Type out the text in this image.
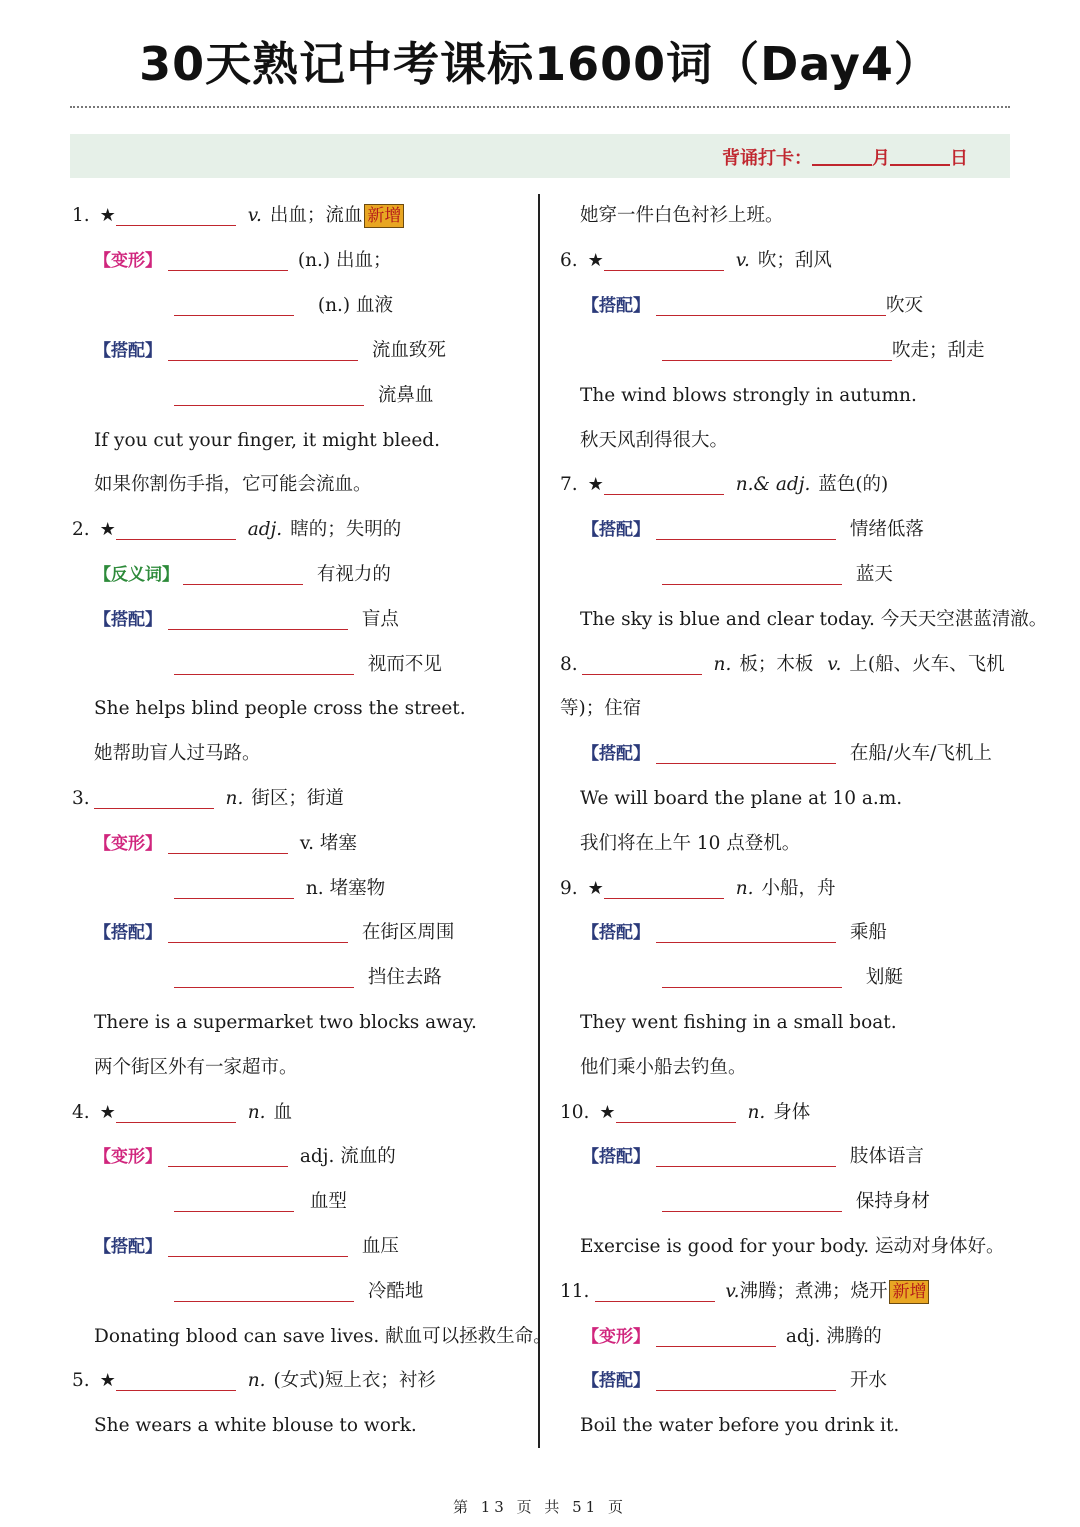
30天熟记中考课标1600词（Day4）
背诵打卡：	月	日
1. ★	v. 出血；流血 新增
【变形】	(n.) 出血；
(n.) 血液
【搭配】	流血致死
流鼻血
If you cut your finger, it might bleed.
如果你割伤手指，它可能会流血。
2. ★	adj. 瞎的；失明的
【反义词】	有视力的
【搭配】	盲点
视而不见
She helps blind people cross the street.
她帮助盲人过马路。
3.	n. 街区；街道
【变形】	v. 堵塞
n. 堵塞物
【搭配】	在街区周围
挡住去路
There is a supermarket two blocks away.
两个街区外有一家超市。
4. ★	n. 血
【变形】	adj. 流血的
血型
【搭配】	血压
冷酷地
Donating blood can save lives. 献血可以拯救生命。
5. ★	n. (女式)短上衣；衬衫
She wears a white blouse to work.
她穿一件白色衬衫上班。
6. ★	v. 吹；刮风
【搭配】	吹灭
吹走；刮走
The wind blows strongly in autumn.
秋天风刮得很大。
7. ★	n.& adj. 蓝色(的)
【搭配】	情绪低落
蓝天
The sky is blue and clear today. 今天天空湛蓝清澈。
8.	n. 板；木板 v. 上(船、火车、飞机
等)；住宿
【搭配】	在船/火车/飞机上
We will board the plane at 10 a.m.
我们将在上午 10 点登机。
9. ★	n. 小船，舟
【搭配】	乘船
划艇
They went fishing in a small boat.
他们乘小船去钓鱼。
10. ★	n. 身体
【搭配】	肢体语言
保持身材
Exercise is good for your body. 运动对身体好。
11.	v.沸腾；煮沸；烧开 新增
【变形】	adj. 沸腾的
【搭配】	开水
Boil the water before you drink it.
第 13 页 共 51 页
